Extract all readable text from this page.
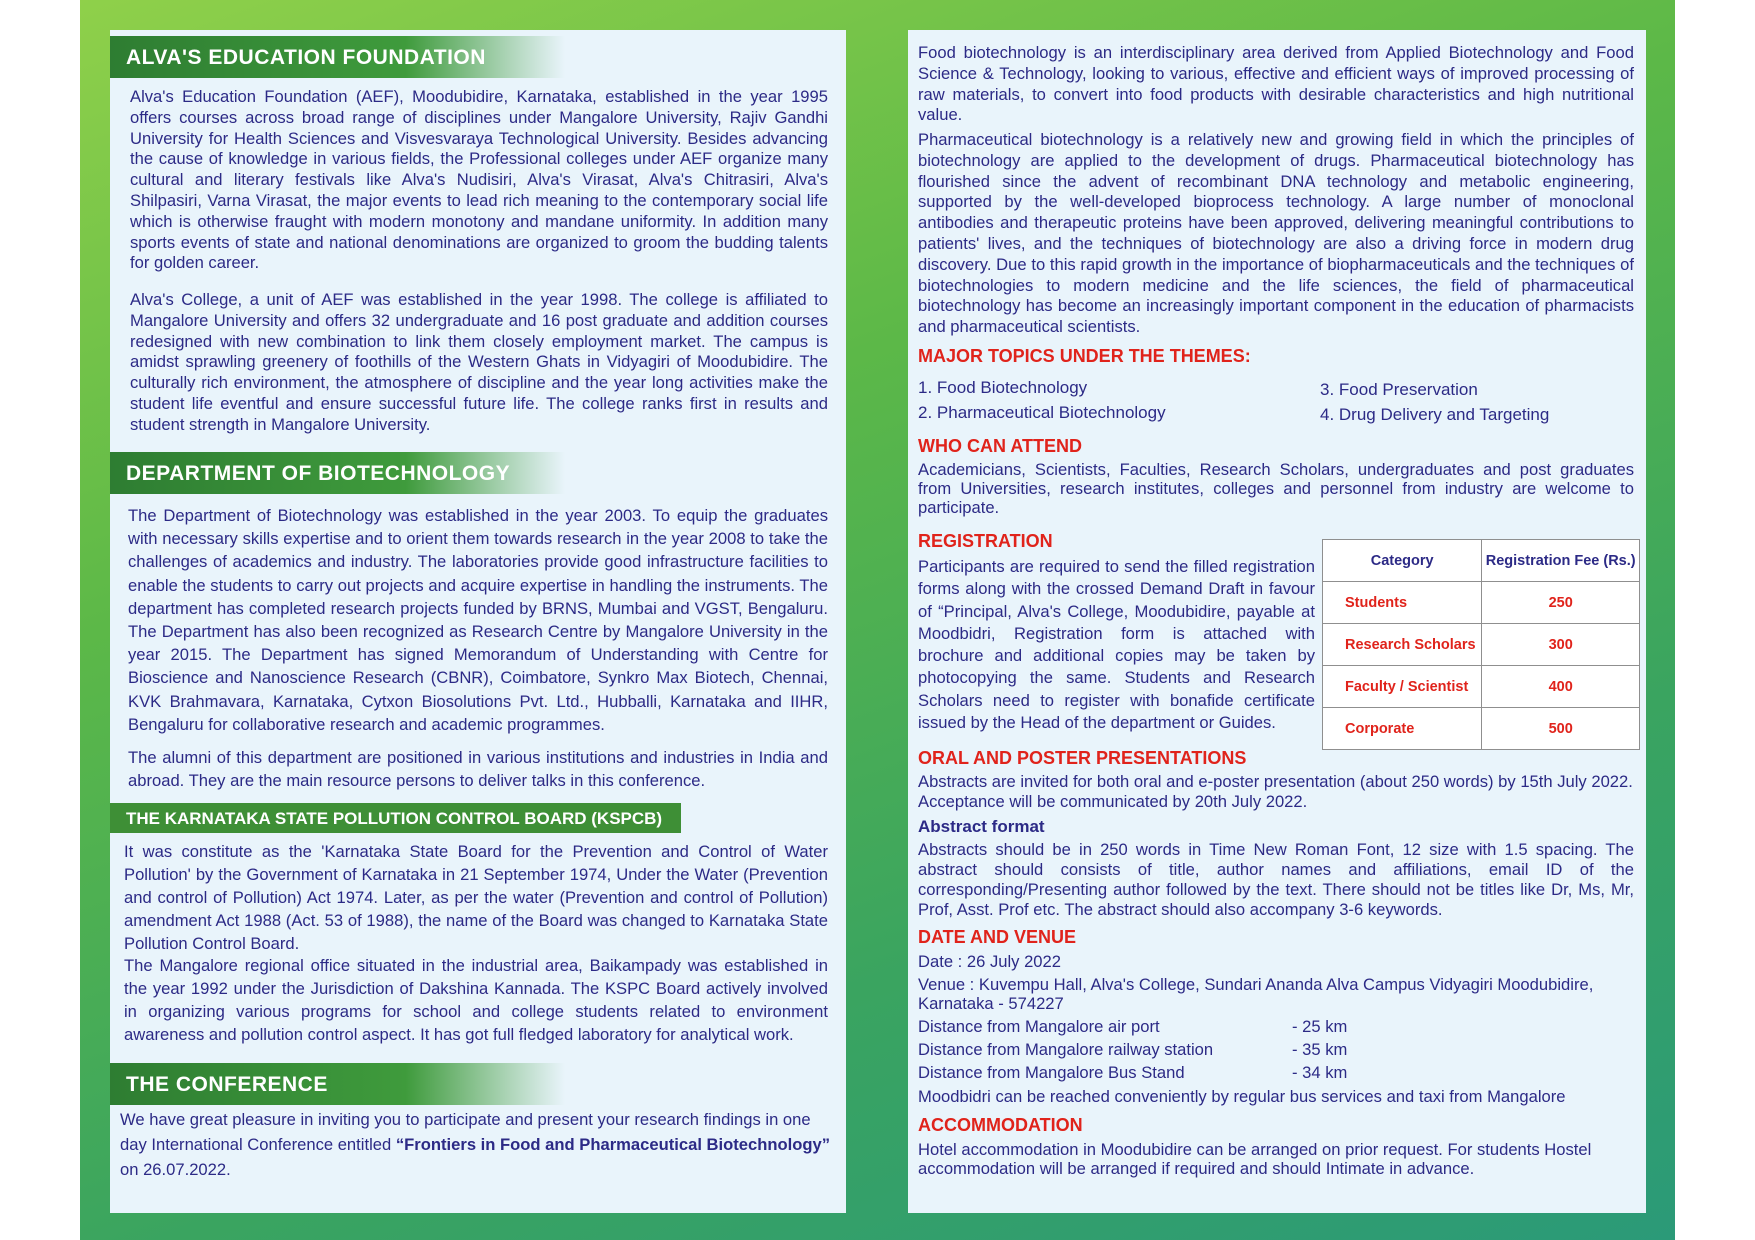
ALVA'S EDUCATION FOUNDATION

Alva's Education Foundation (AEF), Moodubidire, Karnataka, established in the year 1995 offers courses across broad range of disciplines under Mangalore University, Rajiv Gandhi University for Health Sciences and Visvesvaraya Technological University. Besides advancing the cause of knowledge in various fields, the Professional colleges under AEF organize many cultural and literary festivals like Alva's Nudisiri, Alva's Virasat, Alva's Chitrasiri, Alva's Shilpasiri, Varna Virasat, the major events to lead rich meaning to the contemporary social life which is otherwise fraught with modern monotony and mandane uniformity. In addition many sports events of state and national denominations are organized to groom the budding talents for golden career.

Alva's College, a unit of AEF was established in the year 1998. The college is affiliated to Mangalore University and offers 32 undergraduate and 16 post graduate and addition courses redesigned with new combination to link them closely employment market. The campus is amidst sprawling greenery of foothills of the Western Ghats in Vidyagiri of Moodubidire. The culturally rich environment, the atmosphere of discipline and the year long activities make the student life eventful and ensure successful future life. The college ranks first in results and student strength in Mangalore University.

DEPARTMENT OF BIOTECHNOLOGY

The Department of Biotechnology was established in the year 2003. To equip the graduates with necessary skills expertise and to orient them towards research in the year 2008 to take the challenges of academics and industry. The laboratories provide good infrastructure facilities to enable the students to carry out projects and acquire expertise in handling the instruments. The department has completed research projects funded by BRNS, Mumbai and VGST, Bengaluru. The Department has also been recognized as Research Centre by Mangalore University in the year 2015. The Department has signed Memorandum of Understanding with Centre for Bioscience and Nanoscience Research (CBNR), Coimbatore, Synkro Max Biotech, Chennai, KVK Brahmavara, Karnataka, Cytxon Biosolutions Pvt. Ltd., Hubballi, Karnataka and IIHR, Bengaluru for collaborative research and academic programmes.

The alumni of this department are positioned in various institutions and industries in India and abroad. They are the main resource persons to deliver talks in this conference.

THE KARNATAKA STATE POLLUTION CONTROL BOARD (KSPCB)

It was constitute as the 'Karnataka State Board for the Prevention and Control of Water Pollution' by the Government of Karnataka in 21 September 1974, Under the Water (Prevention and control of Pollution) Act 1974. Later, as per the water (Prevention and control of Pollution) amendment Act 1988 (Act. 53 of 1988), the name of the Board was changed to Karnataka State Pollution Control Board.

The Mangalore regional office situated in the industrial area, Baikampady was established in the year 1992 under the Jurisdiction of Dakshina Kannada. The KSPC Board actively involved in organizing various programs for school and college students related to environment awareness and pollution control aspect. It has got full fledged laboratory for analytical work.

THE CONFERENCE

We have great pleasure in inviting you to participate and present your research findings in one day International Conference entitled “Frontiers in Food and Pharmaceutical Biotechnology” on 26.07.2022.

Food biotechnology is an interdisciplinary area derived from Applied Biotechnology and Food Science & Technology, looking to various, effective and efficient ways of improved processing of raw materials, to convert into food products with desirable characteristics and high nutritional value.

Pharmaceutical biotechnology is a relatively new and growing field in which the principles of biotechnology are applied to the development of drugs. Pharmaceutical biotechnology has flourished since the advent of recombinant DNA technology and metabolic engineering, supported by the well-developed bioprocess technology. A large number of monoclonal antibodies and therapeutic proteins have been approved, delivering meaningful contributions to patients' lives, and the techniques of biotechnology are also a driving force in modern drug discovery. Due to this rapid growth in the importance of biopharmaceuticals and the techniques of biotechnologies to modern medicine and the life sciences, the field of pharmaceutical biotechnology has become an increasingly important component in the education of pharmacists and pharmaceutical scientists.

MAJOR TOPICS UNDER THE THEMES:
1. Food Biotechnology
2. Pharmaceutical Biotechnology
3. Food Preservation
4. Drug Delivery and Targeting
WHO CAN ATTEND

Academicians, Scientists, Faculties, Research Scholars, undergraduates and post graduates from Universities, research institutes, colleges and personnel from industry are welcome to participate.

REGISTRATION

Participants are required to send the filled registration forms along with the crossed Demand Draft in favour of “Principal, Alva's College, Moodubidire, payable at Moodbidri, Registration form is attached with brochure and additional copies may be taken by photocopying the same. Students and Research Scholars need to register with bonafide certificate issued by the Head of the department or Guides.

Category	Registration Fee (Rs.)
Students	250
Research Scholars	300
Faculty / Scientist	400
Corporate	500
ORAL AND POSTER PRESENTATIONS

Abstracts are invited for both oral and e-poster presentation (about 250 words) by 15th July 2022. Acceptance will be communicated by 20th July 2022.

Abstract format

Abstracts should be in 250 words in Time New Roman Font, 12 size with 1.5 spacing. The abstract should consists of title, author names and affiliations, email ID of the corresponding/Presenting author followed by the text. There should not be titles like Dr, Ms, Mr, Prof, Asst. Prof etc. The abstract should also accompany 3-6 keywords.

DATE AND VENUE
Date : 26 July 2022

Venue : Kuvempu Hall, Alva's College, Sundari Ananda Alva Campus Vidyagiri Moodubidire, Karnataka - 574227

Distance from Mangalore air port	- 25 km
Distance from Mangalore railway station	- 35 km
Distance from Mangalore Bus Stand	- 34 km
Moodbidri can be reached conveniently by regular bus services and taxi from Mangalore
ACCOMMODATION

Hotel accommodation in Moodubidire can be arranged on prior request. For students Hostel accommodation will be arranged if required and should Intimate in advance.
